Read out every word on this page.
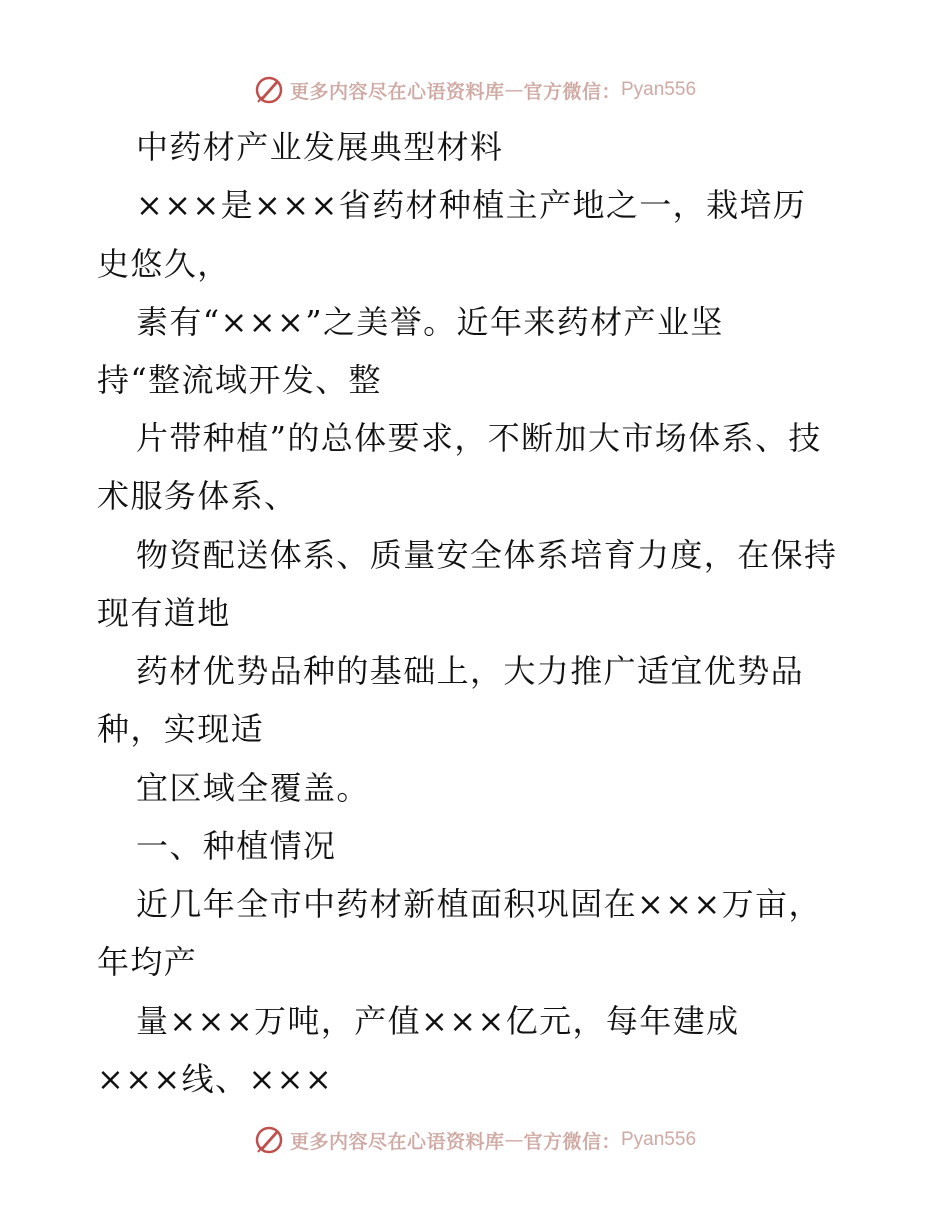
更多内容尽在心语资料库 — 官方微信： Pyan556
中药材产业发展典型材料
×××是×××省药材种植主产地之一，栽培历
史悠久，
素有“×××”之美誉。近年来药材产业坚
持“整流域开发、整
片带种植”的总体要求，不断加大市场体系、技
术服务体系、
物资配送体系、质量安全体系培育力度，在保持
现有道地
药材优势品种的基础上，大力推广适宜优势品
种，实现适
宜区域全覆盖。
一、种植情况
近几年全市中药材新植面积巩固在×××万亩，
年均产
量×××万吨，产值×××亿元，每年建成
×××线、×××
更多内容尽在心语资料库 — 官方微信： Pyan556
